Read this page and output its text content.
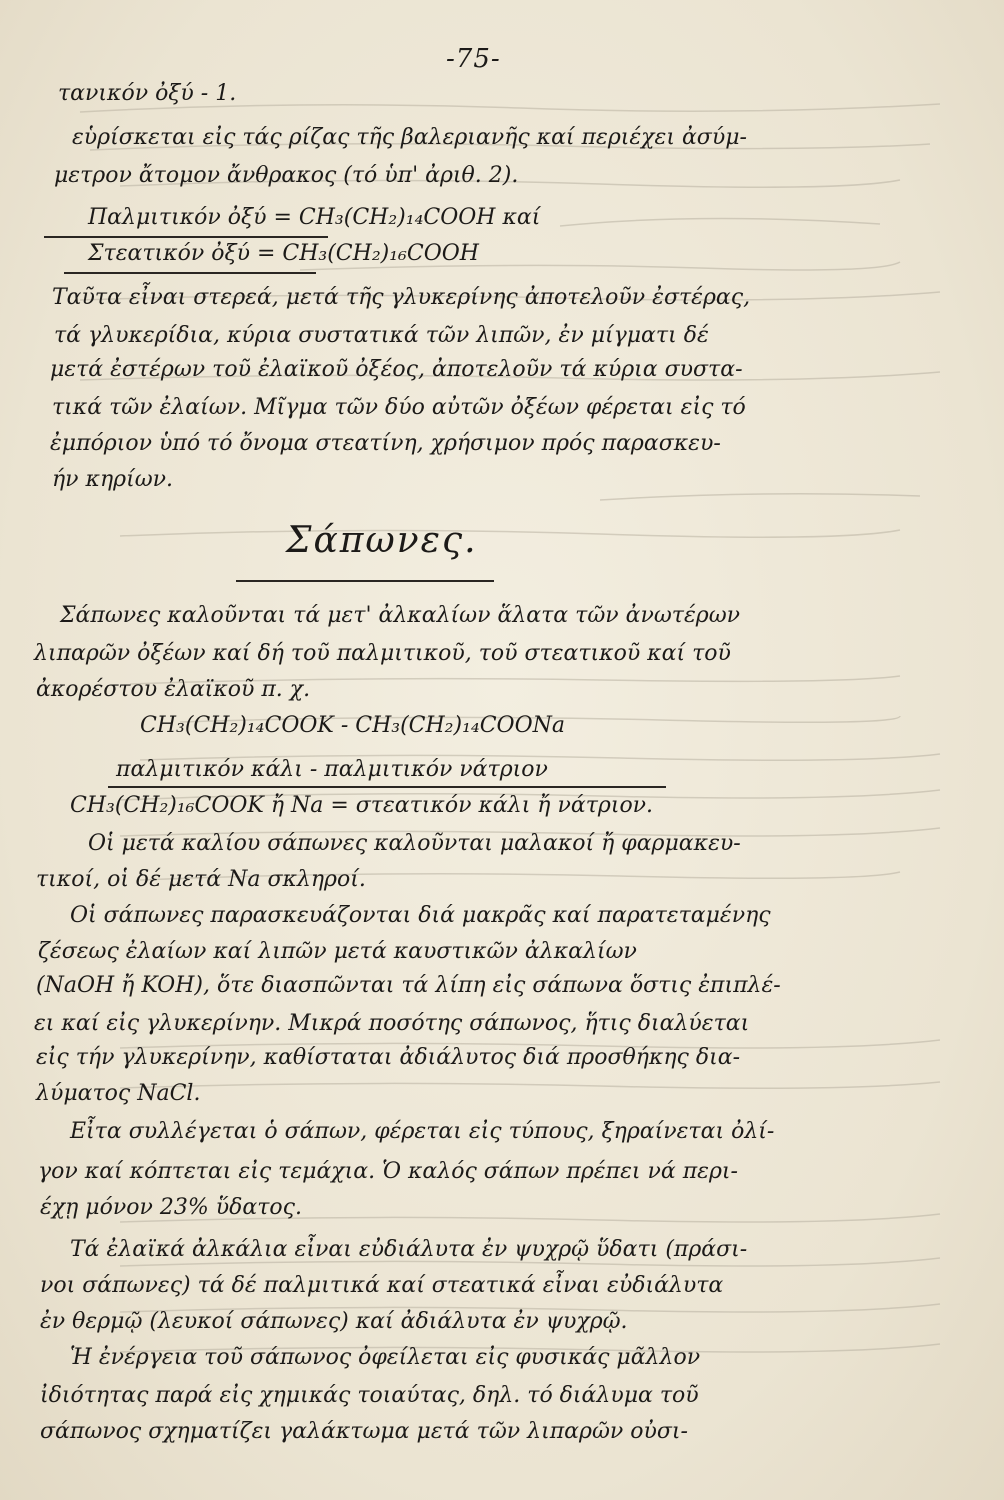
-75-
τανικόν ὀξύ - 1.
εὑρίσκεται εἰς τάς ρίζας τῆς βαλεριανῆς καί περιέχει ἀσύμ-
μετρον ἄτομον ἄνθρακος (τό ὑπ' ἀριθ. 2).
Παλμιτικόν ὀξύ = CH₃(CH₂)₁₄COOH καί
Στεατικόν ὀξύ = CH₃(CH₂)₁₆COOH
Ταῦτα εἶναι στερεά, μετά τῆς γλυκερίνης ἀποτελοῦν ἐστέρας,
τά γλυκερίδια, κύρια συστατικά τῶν λιπῶν, ἐν μίγματι δέ
μετά ἐστέρων τοῦ ἐλαϊκοῦ ὀξέος, ἀποτελοῦν τά κύρια συστα-
τικά τῶν ἐλαίων. Μῖγμα τῶν δύο αὐτῶν ὀξέων φέρεται εἰς τό
ἐμπόριον ὑπό τό ὄνομα στεατίνη, χρήσιμον πρός παρασκευ-
ήν κηρίων.
Σάπωνες.
Σάπωνες καλοῦνται τά μετ' ἀλκαλίων ἅλατα τῶν ἀνωτέρων
λιπαρῶν ὀξέων καί δή τοῦ παλμιτικοῦ, τοῦ στεατικοῦ καί τοῦ
ἀκορέστου ἐλαϊκοῦ π. χ.
CH₃(CH₂)₁₄COOK - CH₃(CH₂)₁₄COONa
παλμιτικόν κάλι - παλμιτικόν νάτριον
CH₃(CH₂)₁₆COOK ἤ Na = στεατικόν κάλι ἤ νάτριον.
Οἱ μετά καλίου σάπωνες καλοῦνται μαλακοί ἤ φαρμακευ-
τικοί, οἱ δέ μετά Na σκληροί.
Οἱ σάπωνες παρασκευάζονται διά μακρᾶς καί παρατεταμένης
ζέσεως ἐλαίων καί λιπῶν μετά καυστικῶν ἀλκαλίων
(NaOH ἤ KOH), ὅτε διασπῶνται τά λίπη εἰς σάπωνα ὅστις ἐπιπλέ-
ει καί εἰς γλυκερίνην. Μικρά ποσότης σάπωνος, ἥτις διαλύεται
εἰς τήν γλυκερίνην, καθίσταται ἀδιάλυτος διά προσθήκης δια-
λύματος NaCl.
Εἶτα συλλέγεται ὁ σάπων, φέρεται εἰς τύπους, ξηραίνεται ὀλί-
γον καί κόπτεται εἰς τεμάχια. Ὁ καλός σάπων πρέπει νά περι-
έχῃ μόνον 23% ὕδατος.
Τά ἐλαϊκά ἀλκάλια εἶναι εὐδιάλυτα ἐν ψυχρῷ ὕδατι (πράσι-
νοι σάπωνες) τά δέ παλμιτικά καί στεατικά εἶναι εὐδιάλυτα
ἐν θερμῷ (λευκοί σάπωνες) καί ἀδιάλυτα ἐν ψυχρῷ.
Ἡ ἐνέργεια τοῦ σάπωνος ὀφείλεται εἰς φυσικάς μᾶλλον
ἰδιότητας παρά εἰς χημικάς τοιαύτας, δηλ. τό διάλυμα τοῦ
σάπωνος σχηματίζει γαλάκτωμα μετά τῶν λιπαρῶν οὐσι-
